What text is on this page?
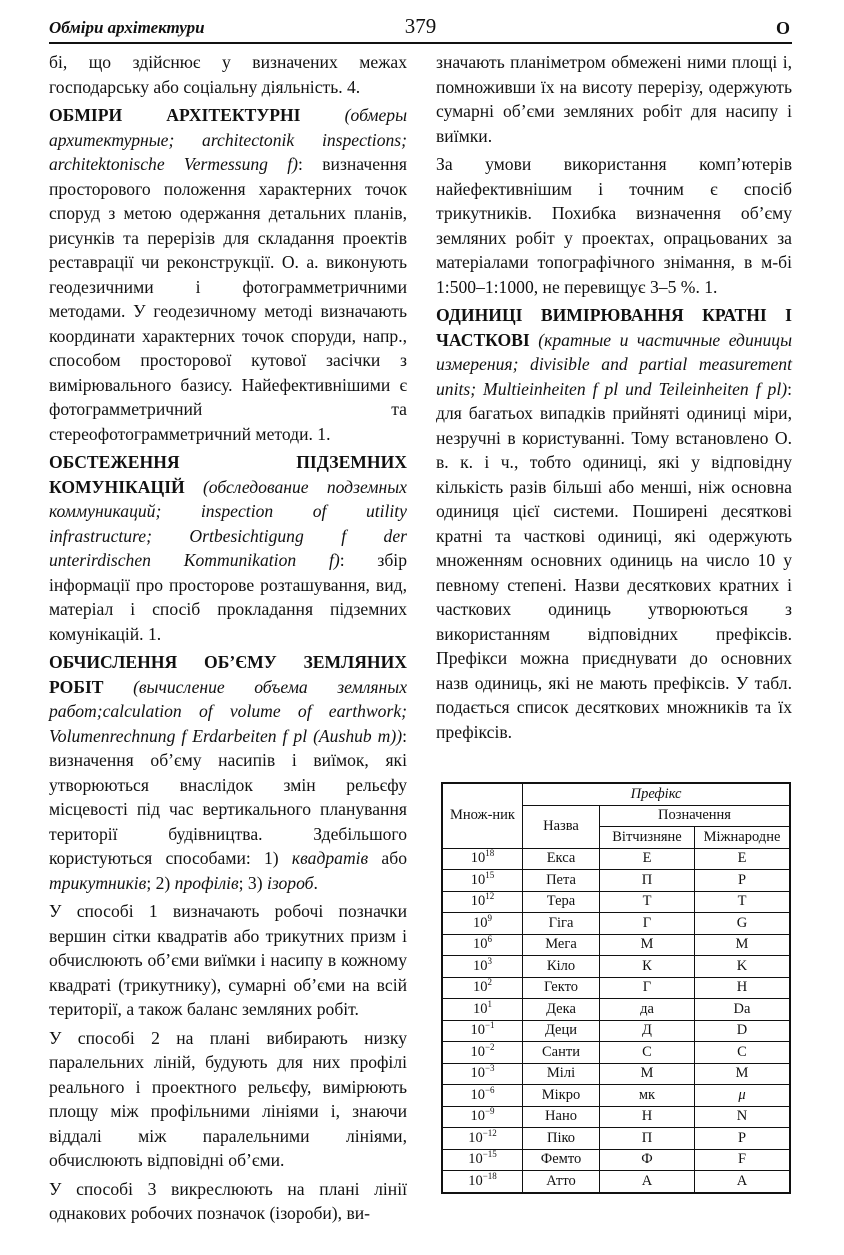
Обміри архітектури	379	О

бі, що здійснює у визначених межах господарську або соціальну діяльність. 4.

ОБМІРИ АРХІТЕКТУРНІ	(обмеры архитектурные; architectonik inspections; architektonische Vermessung f): визначення просторового положення характерних точок споруд з метою одержання детальних планів, рисунків та перерізів для складання проектів реставрації чи реконструкції. О. а. виконують геодезичними і фотограмметричними методами. У геодезичному методі визначають координати характерних точок споруди, напр., способом просторової кутової засічки з вимірювального базису. Найефективнішими є фотограмметричний та стереофотограмметричний методи. 1.

ОБСТЕЖЕННЯ ПІДЗЕМНИХ КОМУНІКАЦІЙ (обследование подземных коммуникаций; inspection of utility infrastructure; Ortbesichtigung f der unterirdischen Kommunikation f): збір інформації про просторове розташування, вид, матеріал і спосіб прокладання підземних комунікацій. 1.

ОБЧИСЛЕННЯ ОБ’ЄМУ ЗЕМЛЯНИХ РОБІТ (вычисление объема земляных работ;calculation of volume of earthwork; Volumenrechnung f Erdarbeiten f pl (Aushub m)): визначення об’єму насипів і виїмок, які утворюються внаслідок змін рельєфу місцевості під час вертикального планування території будівництва. Здебільшого користуються способами: 1) квадратів або трикутників; 2) профілів; 3) ізороб.

У способі 1 визначають робочі позначки вершин сітки квадратів або трикутних призм і обчислюють об’єми виїмки і насипу в кожному квадраті (трикутнику), сумарні об’єми на всій території, а також баланс земляних робіт.

У способі 2 на плані вибирають низку паралельних ліній, будують для них профілі реального і проектного рельєфу, вимірюють площу між профільними лініями і, знаючи віддалі між паралельними лініями, обчислюють відповідні об’єми.

У способі 3 викреслюють на плані лінії однакових робочих позначок (ізороби), ви-

значають планіметром обмежені ними площі і, помноживши їх на висоту перерізу, одержують сумарні об’єми земляних робіт для насипу і виїмки.

За умови використання комп’ютерів найефективнішим і точним є спосіб трикутників. Похибка визначення об’єму земляних робіт у проектах, опрацьованих за матеріалами топографічного знімання, в м-бі 1:500–1:1000, не перевищує 3–5 %. 1.

ОДИНИЦІ ВИМІРЮВАННЯ КРАТНІ І ЧАСТКОВІ (кратные и частичные единицы измерения; divisible and partial measurement units; Multieinheiten f pl und Teileinheiten f pl): для багатьох випадків прийняті одиниці міри, незручні в користуванні. Тому встановлено О. в. к. і ч., тобто одиниці, які у відповідну кількість разів більші або менші, ніж основна одиниця цієї системи. Поширені десяткові кратні та часткові одиниці, які одержують множенням основних одиниць на число 10 у певному степені. Назви десяткових кратних і часткових одиниць утворюються з використанням відповідних префіксів. Префікси можна приєднувати до основних назв одиниць, які не мають префіксів. У табл. подається список десяткових множників та їх префіксів.

Множ-ник	Префікс		
	Назва	Позначення	
		Вітчизняне	Міжнародне
$10^{18}$	Екса	Е	E
$10^{15}$	Пета	П	P
$10^{12}$	Тера	Т	T
$10^9$	Гіга	Г	G
$10^6$	Мега	М	M
$10^3$	Кіло	К	K
$10^2$	Гекто	Г	H
$10^1$	Дека	да	Da
$10^{-1}$	Деци	Д	D
$10^{-2}$	Санти	С	C
$10^{-3}$	Мілі	М	M
$10^{-6}$	Мікро	мк	μ
$10^{-9}$	Нано	Н	N
$10^{-12}$	Піко	П	P
$10^{-15}$	Фемто	Ф	F
$10^{-18}$	Атто	А	A
